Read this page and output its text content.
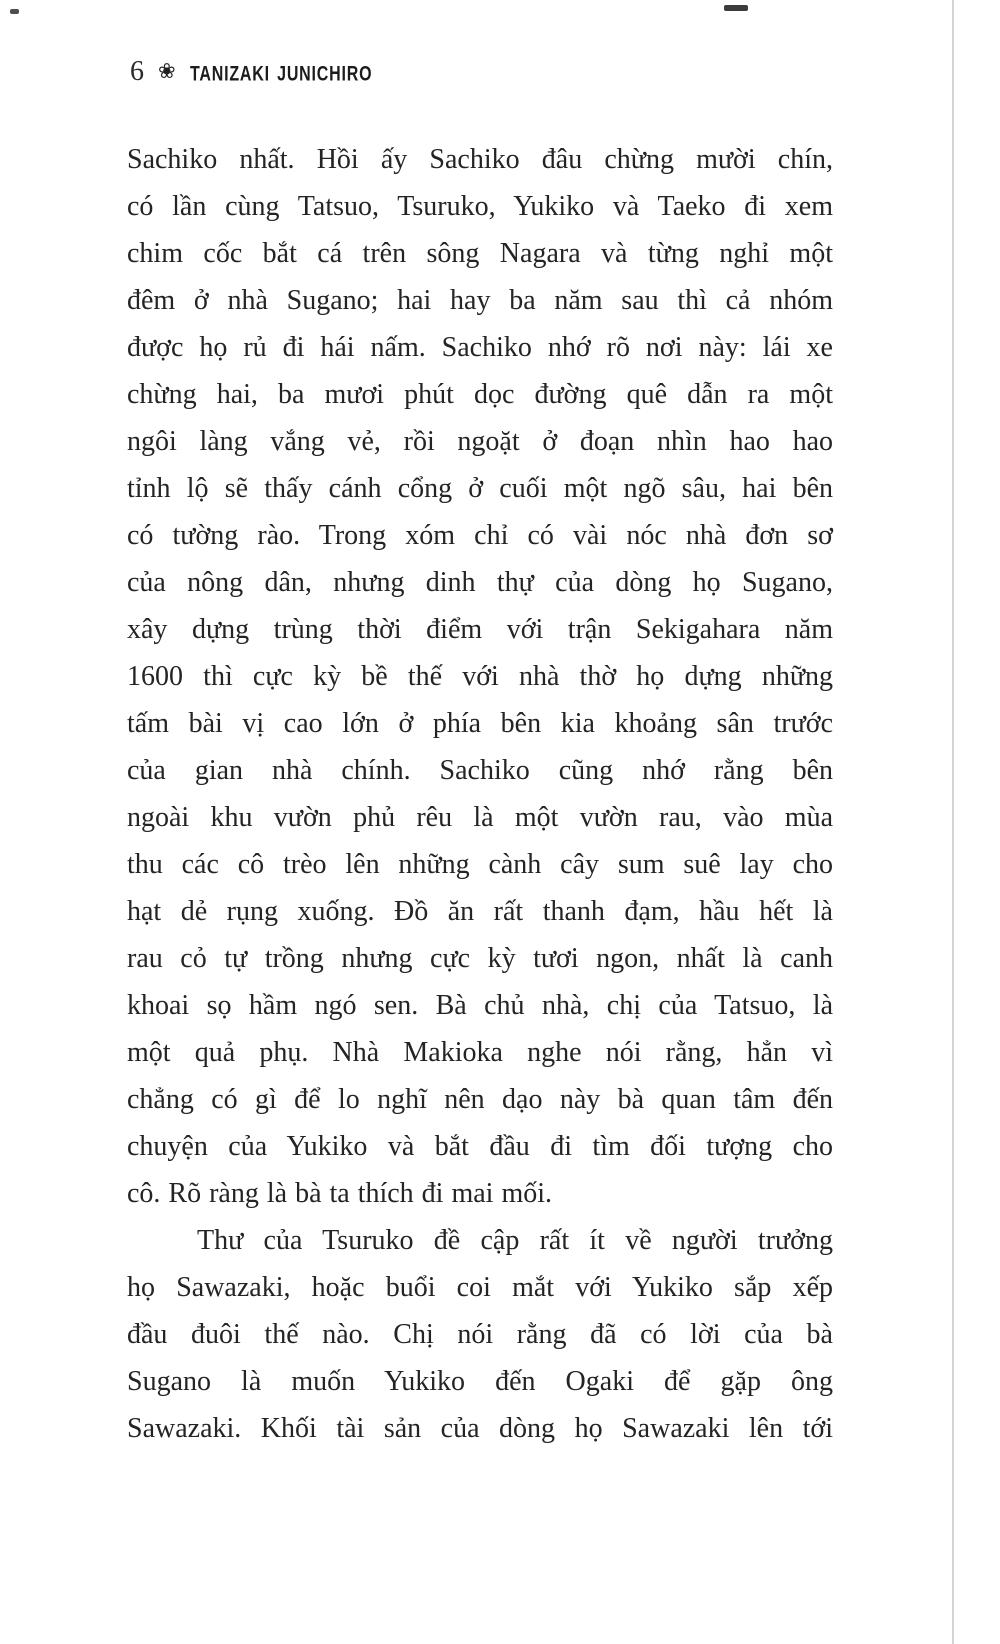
6 ❀ tanizaki junichiro
Sachiko nhất. Hồi ấy Sachiko đâu chừng mười chín,
có lần cùng Tatsuo, Tsuruko, Yukiko và Taeko đi xem
chim cốc bắt cá trên sông Nagara và từng nghỉ một
đêm ở nhà Sugano; hai hay ba năm sau thì cả nhóm
được họ rủ đi hái nấm. Sachiko nhớ rõ nơi này: lái xe
chừng hai, ba mươi phút dọc đường quê dẫn ra một
ngôi làng vắng vẻ, rồi ngoặt ở đoạn nhìn hao hao
tỉnh lộ sẽ thấy cánh cổng ở cuối một ngõ sâu, hai bên
có tường rào. Trong xóm chỉ có vài nóc nhà đơn sơ
của nông dân, nhưng dinh thự của dòng họ Sugano,
xây dựng trùng thời điểm với trận Sekigahara năm
1600 thì cực kỳ bề thế với nhà thờ họ dựng những
tấm bài vị cao lớn ở phía bên kia khoảng sân trước
của gian nhà chính. Sachiko cũng nhớ rằng bên
ngoài khu vườn phủ rêu là một vườn rau, vào mùa
thu các cô trèo lên những cành cây sum suê lay cho
hạt dẻ rụng xuống. Đồ ăn rất thanh đạm, hầu hết là
rau cỏ tự trồng nhưng cực kỳ tươi ngon, nhất là canh
khoai sọ hầm ngó sen. Bà chủ nhà, chị của Tatsuo, là
một quả phụ. Nhà Makioka nghe nói rằng, hẳn vì
chẳng có gì để lo nghĩ nên dạo này bà quan tâm đến
chuyện của Yukiko và bắt đầu đi tìm đối tượng cho
cô. Rõ ràng là bà ta thích đi mai mối.
Thư của Tsuruko đề cập rất ít về người trưởng
họ Sawazaki, hoặc buổi coi mắt với Yukiko sắp xếp
đầu đuôi thế nào. Chị nói rằng đã có lời của bà
Sugano là muốn Yukiko đến Ogaki để gặp ông
Sawazaki. Khối tài sản của dòng họ Sawazaki lên tới
